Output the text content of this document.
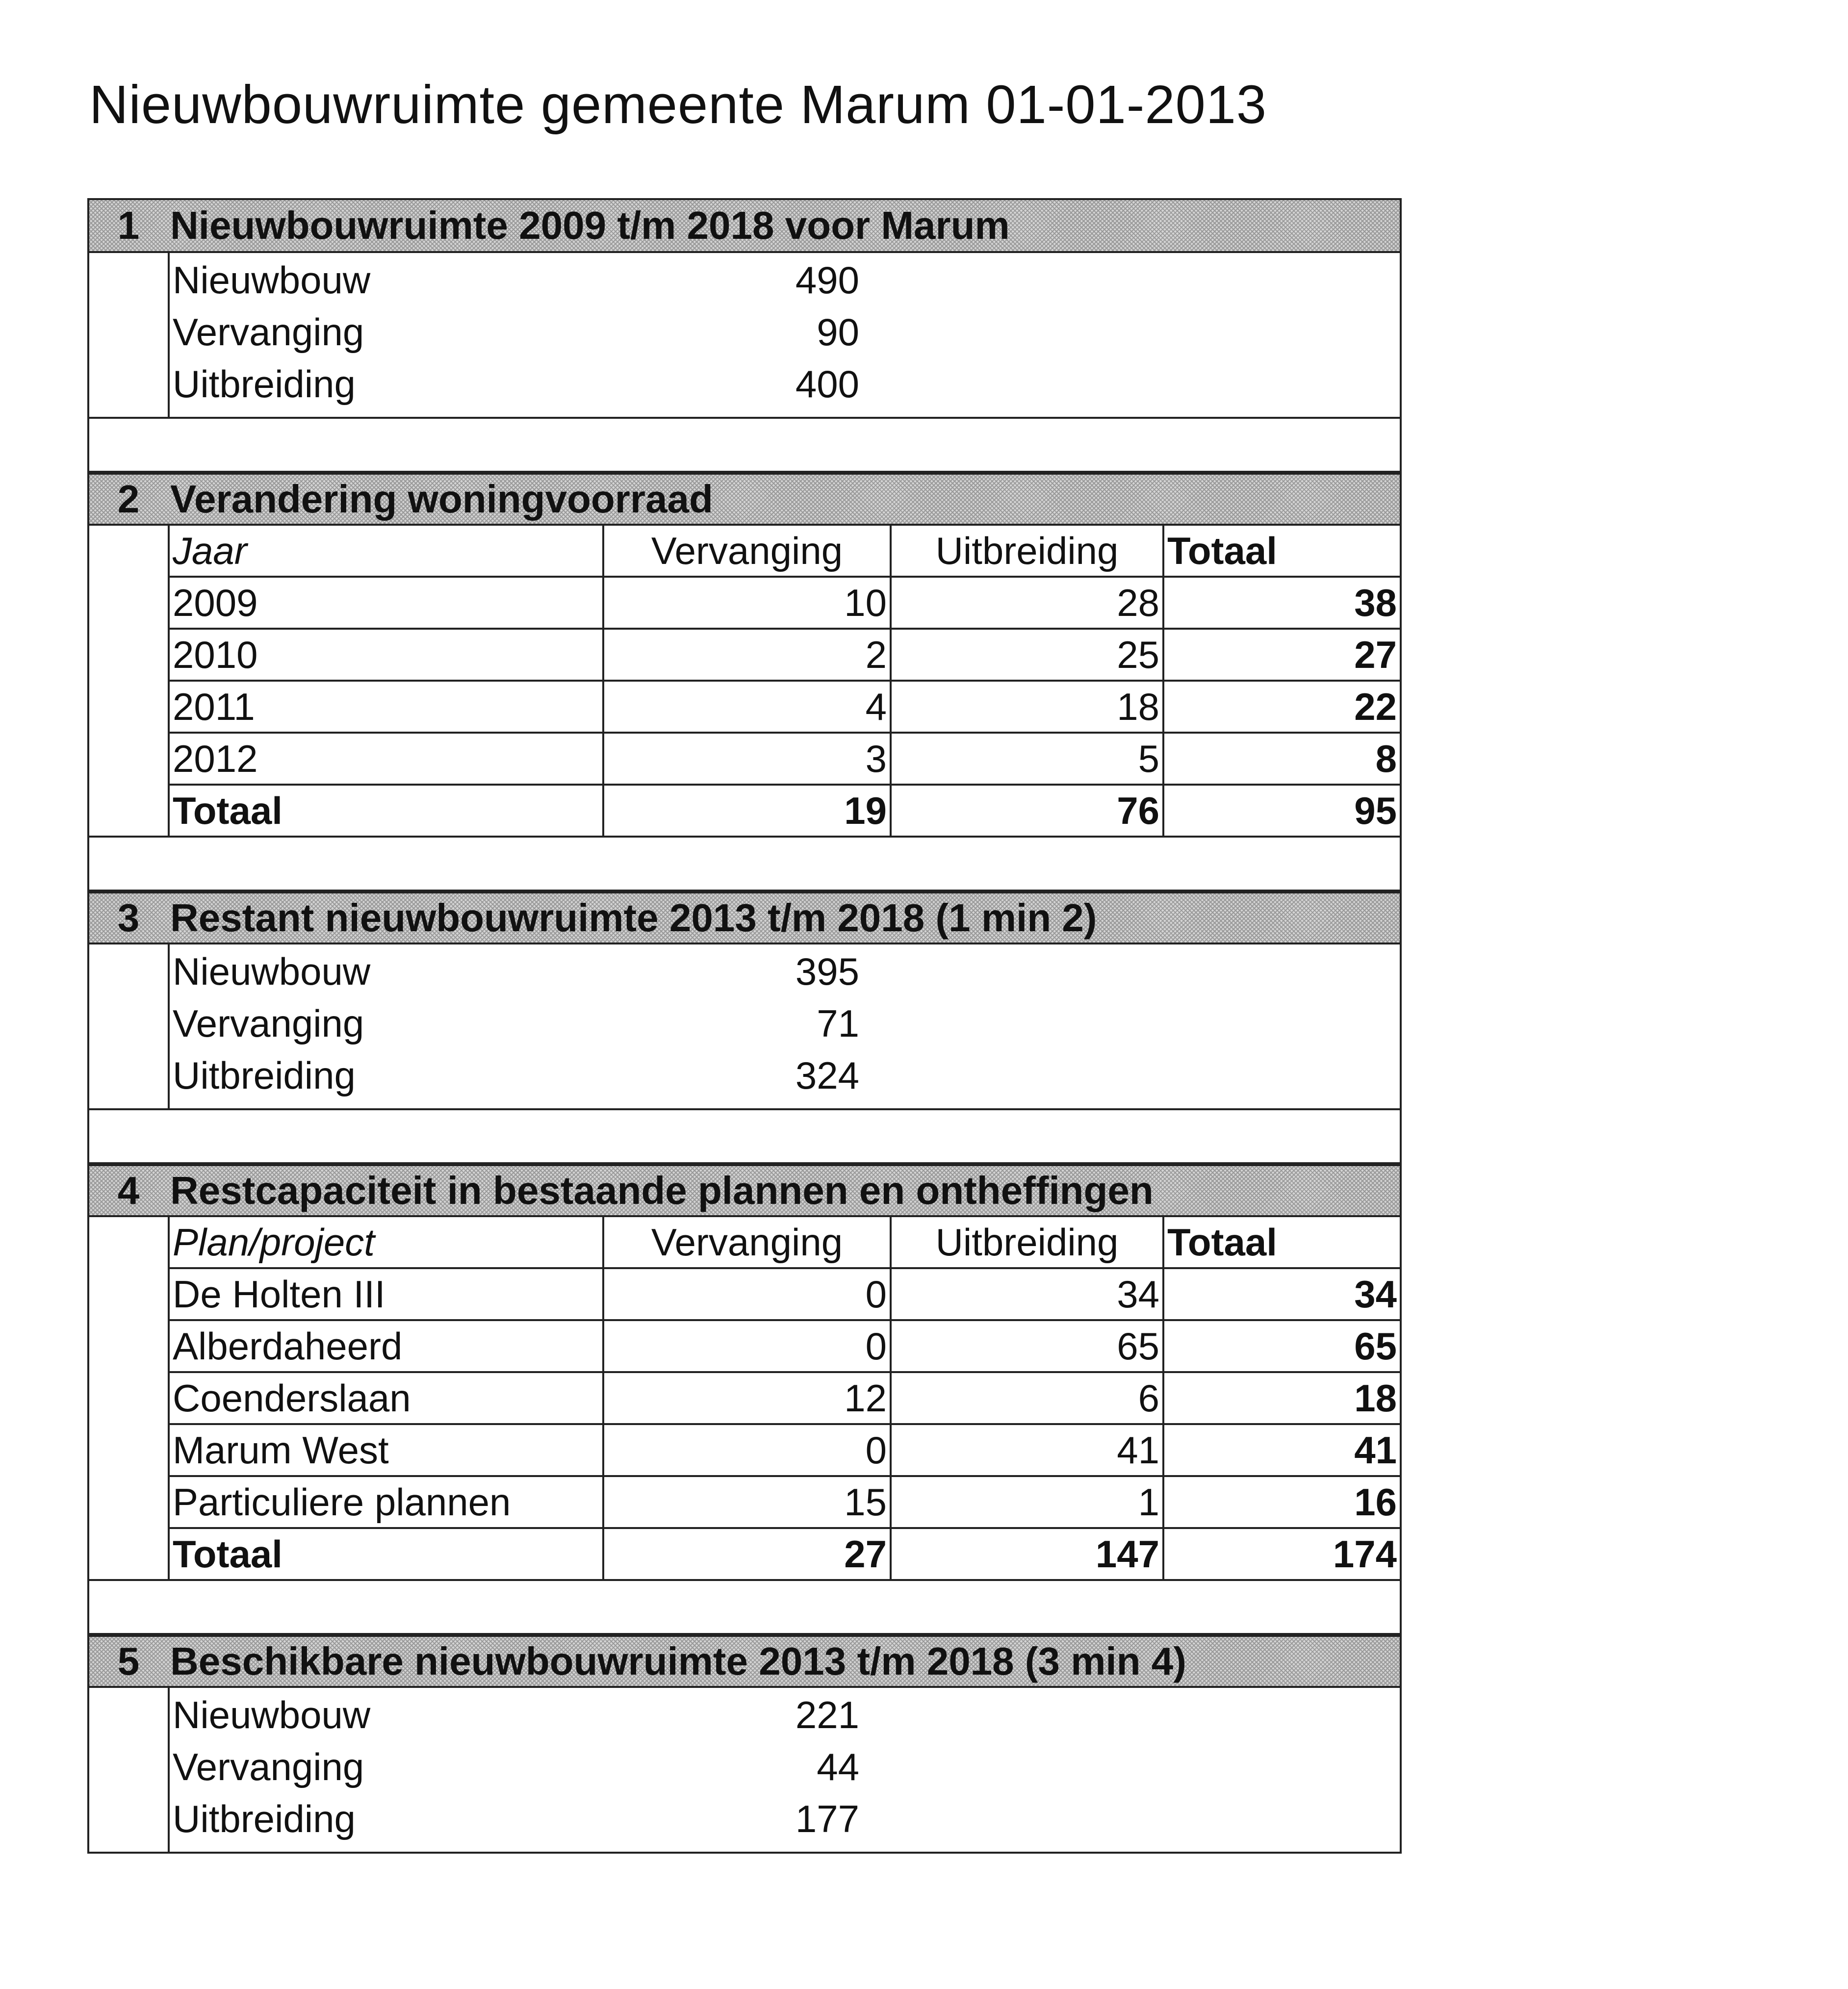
Nieuwbouwruimte gemeente Marum 01-01-2013
1 Nieuwbouwruimte 2009 t/m 2018 voor Marum
Nieuwbouw	490
Vervanging	90
Uitbreiding	400
2 Verandering woningvoorraad
Jaar	Vervanging	Uitbreiding	Totaal
2009	10	28	38
2010	2	25	27
2011	4	18	22
2012	3	5	8
Totaal	19	76	95
3 Restant nieuwbouwruimte 2013 t/m 2018 (1 min 2)
Nieuwbouw	395
Vervanging	71
Uitbreiding	324
4 Restcapaciteit in bestaande plannen en ontheffingen
Plan/project	Vervanging	Uitbreiding	Totaal
De Holten III	0	34	34
Alberdaheerd	0	65	65
Coenderslaan	12	6	18
Marum West	0	41	41
Particuliere plannen	15	1	16
Totaal	27	147	174
5 Beschikbare nieuwbouwruimte 2013 t/m 2018 (3 min 4)
Nieuwbouw	221
Vervanging	44
Uitbreiding	177
